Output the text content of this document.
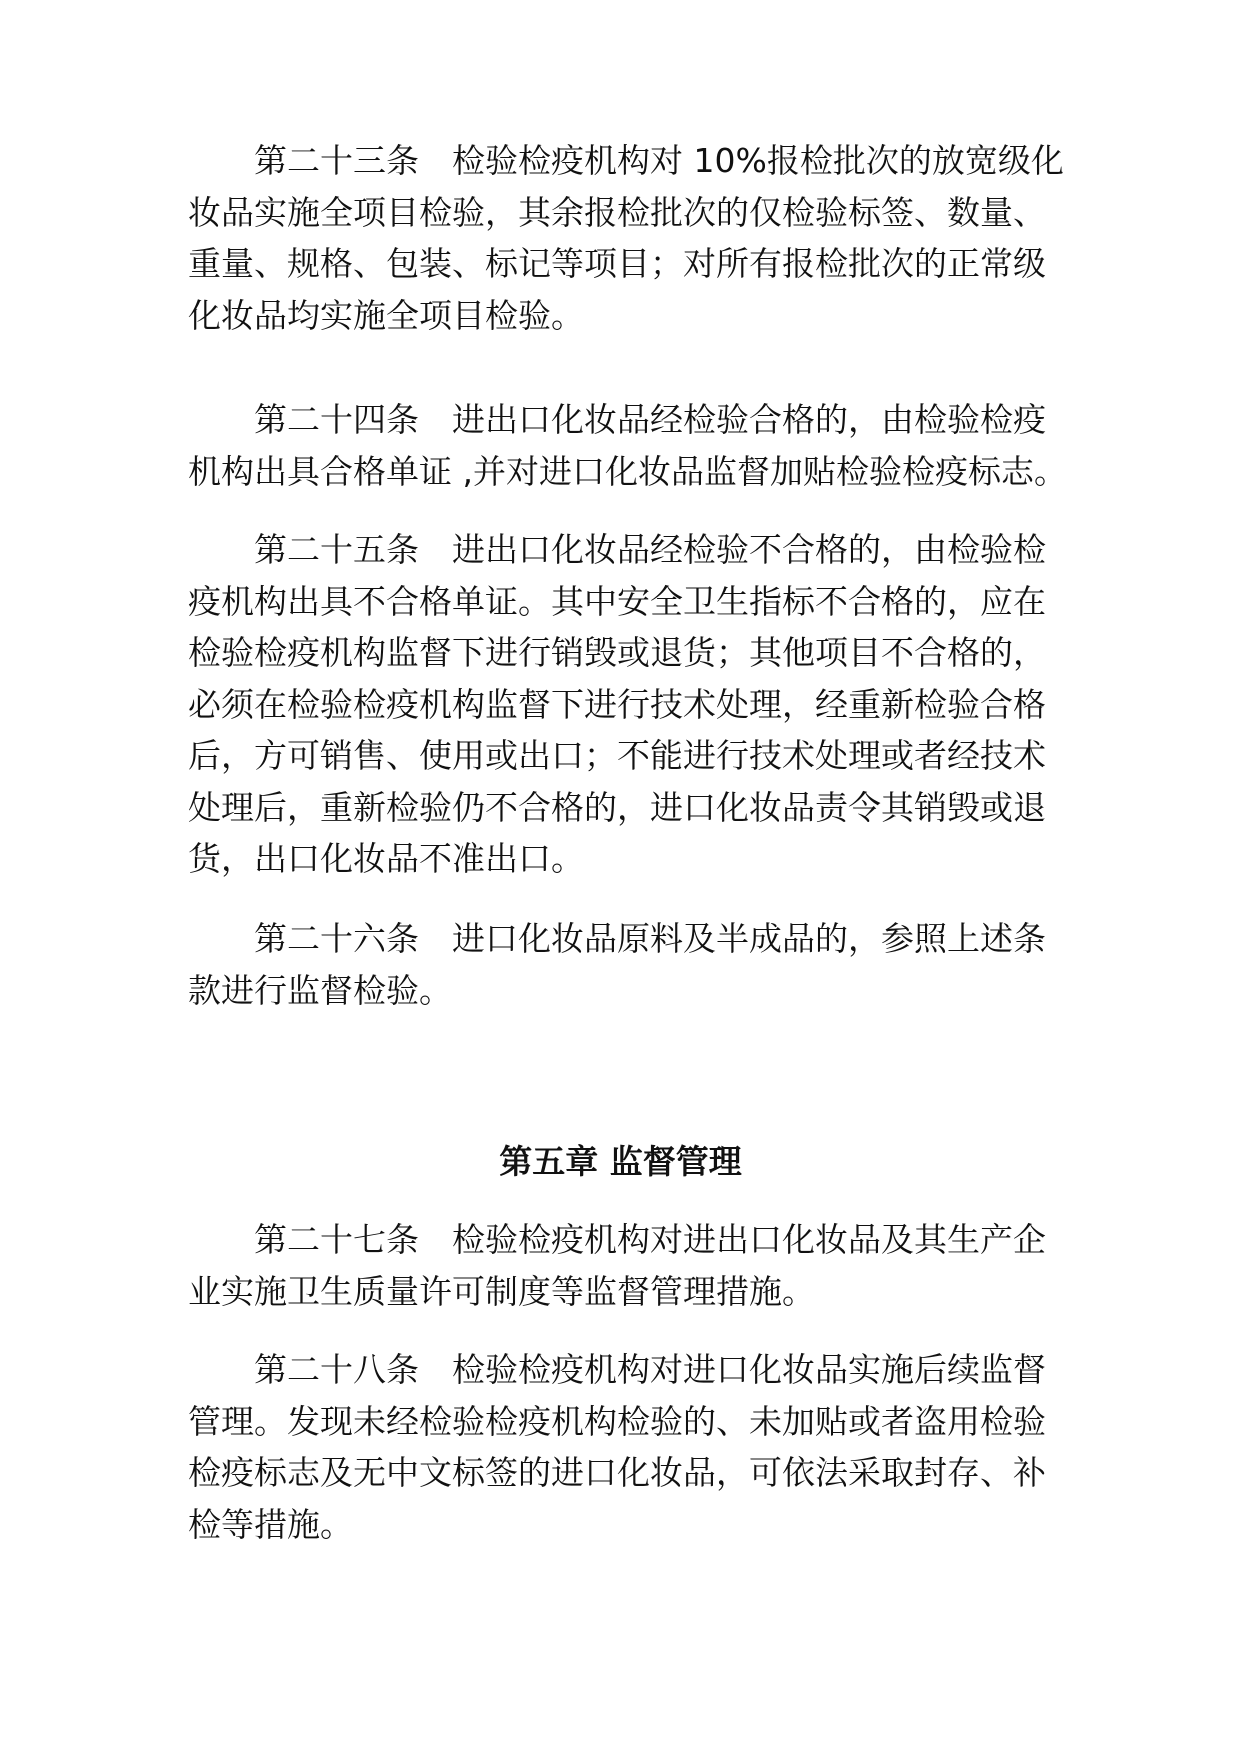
第二十三条 检验检疫机构对 10%报检批次的放宽级化
妆品实施全项目检验，其余报检批次的仅检验标签、数量、
重量、规格、包装、标记等项目；对所有报检批次的正常级
化妆品均实施全项目检验。
第二十四条 进出口化妆品经检验合格的，由检验检疫
机构出具合格单证 ,并对进口化妆品监督加贴检验检疫标志。
第二十五条 进出口化妆品经检验不合格的，由检验检
疫机构出具不合格单证。其中安全卫生指标不合格的，应在
检验检疫机构监督下进行销毁或退货；其他项目不合格的，
必须在检验检疫机构监督下进行技术处理，经重新检验合格
后，方可销售、使用或出口；不能进行技术处理或者经技术
处理后，重新检验仍不合格的，进口化妆品责令其销毁或退
货，出口化妆品不准出口。
第二十六条 进口化妆品原料及半成品的，参照上述条
款进行监督检验。
第五章 监督管理
第二十七条 检验检疫机构对进出口化妆品及其生产企
业实施卫生质量许可制度等监督管理措施。
第二十八条 检验检疫机构对进口化妆品实施后续监督
管理。发现未经检验检疫机构检验的、未加贴或者盗用检验
检疫标志及无中文标签的进口化妆品，可依法采取封存、补
检等措施。
